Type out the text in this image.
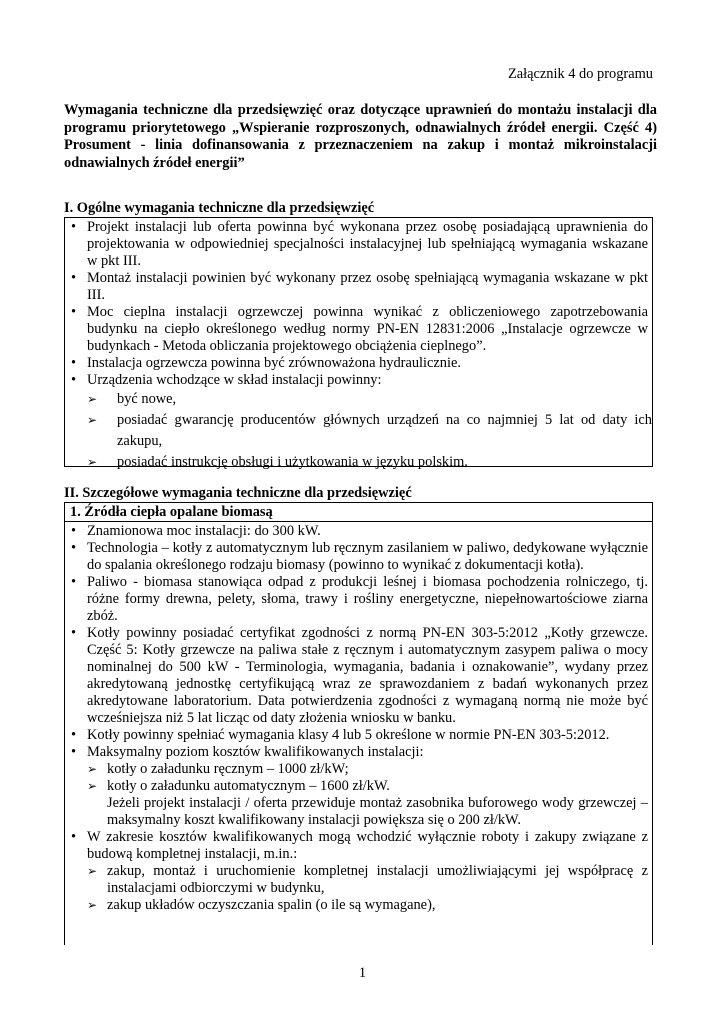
Załącznik 4 do programu
Wymagania techniczne dla przedsięwzięć oraz dotyczące uprawnień do montażu instalacji dla programu priorytetowego „Wspieranie rozproszonych, odnawialnych źródeł energii. Część 4) Prosument - linia dofinansowania z przeznaczeniem na zakup i montaż mikroinstalacji odnawialnych źródeł energii”
I. Ogólne wymagania techniczne dla przedsięwzięć
• Projekt instalacji lub oferta powinna być wykonana przez osobę posiadającą uprawnienia do projektowania w odpowiedniej specjalności instalacyjnej lub spełniającą wymagania wskazane w pkt III.
• Montaż instalacji powinien być wykonany przez osobę spełniającą wymagania wskazane w pkt III.
• Moc cieplna instalacji ogrzewczej powinna wynikać z obliczeniowego zapotrzebowania budynku na ciepło określonego według normy PN-EN 12831:2006 „Instalacje ogrzewcze w budynkach - Metoda obliczania projektowego obciążenia cieplnego”.
• Instalacja ogrzewcza powinna być zrównoważona hydraulicznie.
• Urządzenia wchodzące w skład instalacji powinny:
➢ być nowe,
➢ posiadać gwarancję producentów głównych urządzeń na co najmniej 5 lat od daty ich zakupu,
➢ posiadać instrukcję obsługi i użytkowania w języku polskim.
II. Szczegółowe wymagania techniczne dla przedsięwzięć
1. Źródła ciepła opalane biomasą
• Znamionowa moc instalacji: do 300 kW.
• Technologia – kotły z automatycznym lub ręcznym zasilaniem w paliwo, dedykowane wyłącznie do spalania określonego rodzaju biomasy (powinno to wynikać z dokumentacji kotła).
• Paliwo - biomasa stanowiąca odpad z produkcji leśnej i biomasa pochodzenia rolniczego, tj. różne formy drewna, pelety, słoma, trawy i rośliny energetyczne, niepełnowartościowe ziarna zbóż.
• Kotły powinny posiadać certyfikat zgodności z normą PN-EN 303-5:2012 „Kotły grzewcze. Część 5: Kotły grzewcze na paliwa stałe z ręcznym i automatycznym zasypem paliwa o mocy nominalnej do 500 kW - Terminologia, wymagania, badania i oznakowanie”, wydany przez akredytowaną jednostkę certyfikującą wraz ze sprawozdaniem z badań wykonanych przez akredytowane laboratorium. Data potwierdzenia zgodności z wymaganą normą nie może być wcześniejsza niż 5 lat licząc od daty złożenia wniosku w banku.
• Kotły powinny spełniać wymagania klasy 4 lub 5 określone w normie PN-EN 303-5:2012.
• Maksymalny poziom kosztów kwalifikowanych instalacji:
➢ kotły o załadunku ręcznym – 1000 zł/kW;
➢ kotły o załadunku automatycznym – 1600 zł/kW.
Jeżeli projekt instalacji / oferta przewiduje montaż zasobnika buforowego wody grzewczej – maksymalny koszt kwalifikowany instalacji powiększa się o 200 zł/kW.
• W zakresie kosztów kwalifikowanych mogą wchodzić wyłącznie roboty i zakupy związane z budową kompletnej instalacji, m.in.:
➢ zakup, montaż i uruchomienie kompletnej instalacji umożliwiającymi jej współpracę z instalacjami odbiorczymi w budynku,
➢ zakup układów oczyszczania spalin (o ile są wymagane),
1
